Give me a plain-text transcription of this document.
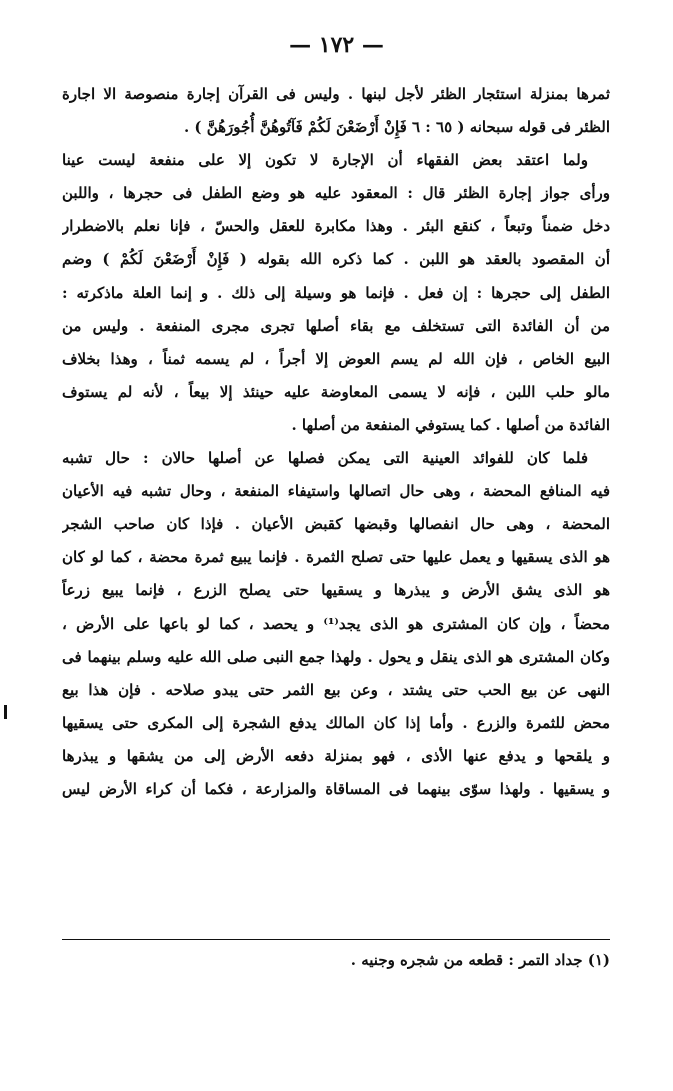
— ١٧٢ —
ثمرها بمنزلة استئجار الظئر لأجل لبنها . وليس فى القرآن إجارة منصوصة الا اجارة
الظئر فى قوله سبحانه ( ٦٥ : ٦ فَإِنْ أَرْضَعْنَ لَكُمْ فَآتُوهُنَّ أُجُورَهُنَّ ) .
ولما اعتقد بعض الفقهاء أن الإجارة لا تكون إلا على منفعة ليست عينا
ورأى جواز إجارة الظئر قال : المعقود عليه هو وضع الطفل فى حجرها ، واللبن
دخل ضمناً وتبعاً ، كنقع البئر . وهذا مكابرة للعقل والحسّ ، فإنا نعلم بالاضطرار
أن المقصود بالعقد هو اللبن . كما ذكره الله بقوله ( فَإِنْ أَرْضَعْنَ لَكُمْ ) وضم
الطفل إلى حجرها : إن فعل . فإنما هو وسيلة إلى ذلك . و إنما العلة ماذكرته :
من أن الفائدة التى تستخلف مع بقاء أصلها تجرى مجرى المنفعة . وليس من
البيع الخاص ، فإن الله لم يسم العوض إلا أجراً ، لم يسمه ثمناً ، وهذا بخلاف
مالو حلب اللبن ، فإنه لا يسمى المعاوضة عليه حينئذ إلا بيعاً ، لأنه لم يستوف
الفائدة من أصلها . كما يستوفي المنفعة من أصلها .
فلما كان للفوائد العينية التى يمكن فصلها عن أصلها حالان : حال تشبه
فيه المنافع المحضة ، وهى حال اتصالها واستيفاء المنفعة ، وحال تشبه فيه الأعيان
المحضة ، وهى حال انفصالها وقبضها كقبض الأعيان . فإذا كان صاحب الشجر
هو الذى يسقيها و يعمل عليها حتى تصلح الثمرة . فإنما يبيع ثمرة محضة ، كما لو كان
هو الذى يشق الأرض و يبذرها و يسقيها حتى يصلح الزرع ، فإنما يبيع زرعاً
محضاً ، وإن كان المشترى هو الذى يجد⁽¹⁾ و يحصد ، كما لو باعها على الأرض ،
وكان المشترى هو الذى ينقل و يحول . ولهذا جمع النبى صلى الله عليه وسلم بينهما فى
النهى عن بيع الحب حتى يشتد ، وعن بيع الثمر حتى يبدو صلاحه . فإن هذا بيع
محض للثمرة والزرع . وأما إذا كان المالك يدفع الشجرة إلى المكرى حتى يسقيها
و يلقحها و يدفع عنها الأذى ، فهو بمنزلة دفعه الأرض إلى من يشقها و يبذرها
و يسقيها . ولهذا سوّى بينهما فى المساقاة والمزارعة ، فكما أن كراء الأرض ليس
(١) جداد التمر : قطعه من شجره وجنيه .
